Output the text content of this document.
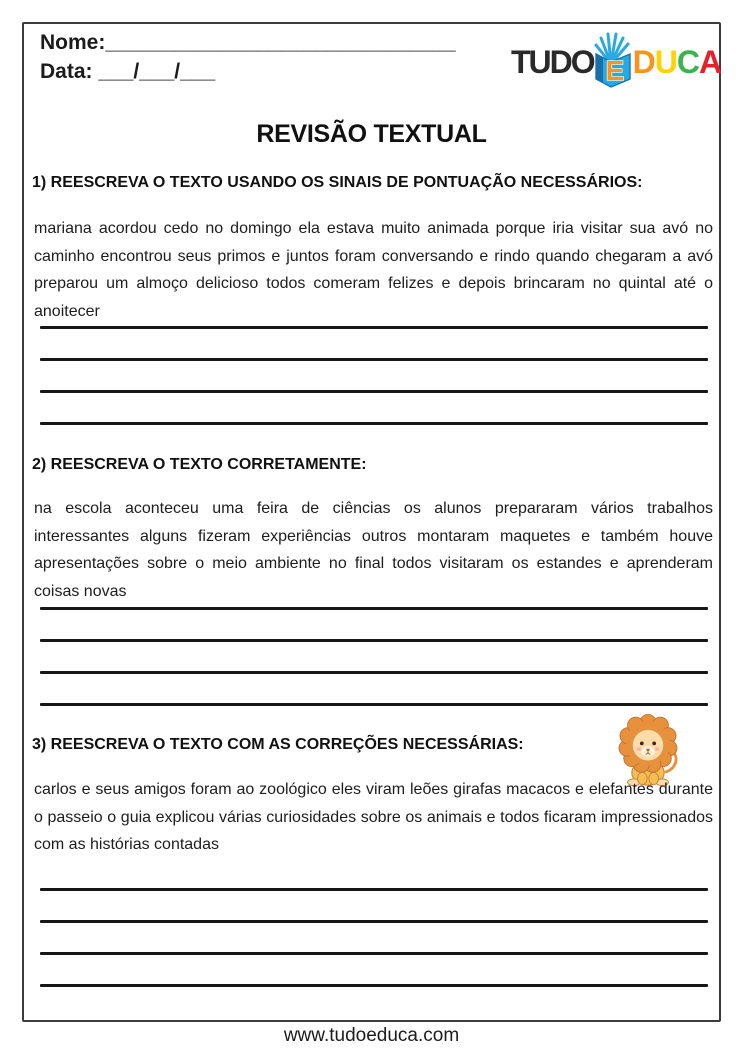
Nome:______________________________
Data: ___/___/___	TUDO E D U C A
REVISÃO TEXTUAL
1) REESCREVA O TEXTO USANDO OS SINAIS DE PONTUAÇÃO NECESSÁRIOS:
mariana acordou cedo no domingo ela estava muito animada porque iria visitar sua avó no caminho encontrou seus primos e juntos foram conversando e rindo quando chegaram a avó preparou um almoço delicioso todos comeram felizes e depois brincaram no quintal até o anoitecer
2) REESCREVA O TEXTO CORRETAMENTE:
na escola aconteceu uma feira de ciências os alunos prepararam vários trabalhos interessantes alguns fizeram experiências outros montaram maquetes e também houve apresentações sobre o meio ambiente no final todos visitaram os estandes e aprenderam coisas novas
3) REESCREVA O TEXTO COM AS CORREÇÕES NECESSÁRIAS:
carlos e seus amigos foram ao zoológico eles viram leões girafas macacos e elefantes durante o passeio o guia explicou várias curiosidades sobre os animais e todos ficaram impressionados com as histórias contadas
www.tudoeduca.com
